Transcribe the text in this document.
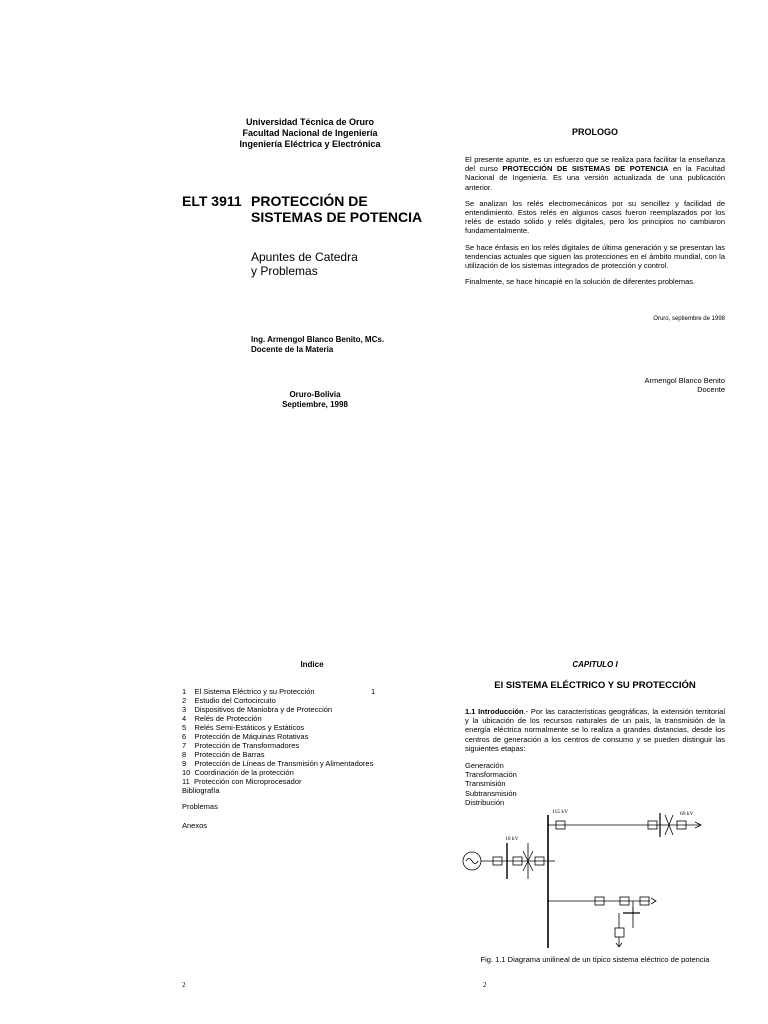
Universidad Técnica de Oruro
Facultad Nacional de Ingeniería
Ingeniería Eléctrica y Electrónica
ELT 3911 PROTECCIÓN DE
SISTEMAS DE POTENCIA
Apuntes de Catedra
y Problemas
Ing. Armengol Blanco Benito, MCs.
Docente de la Materia
Oruro-Bolivia
Septiembre, 1998
PROLOGO

El presente apunte, es un esfuerzo que se realiza para facilitar la enseñanza del curso PROTECCIÓN DE SISTEMAS DE POTENCIA en la Facultad Nacional de Ingeniería. Es una versión actualizada de una publicación anterior.

Se analizan los relés electromecánicos por su sencillez y facilidad de entendimiento. Estos relés en algunos casos fueron reemplazados por los relés de estado sólido y relés digitales, pero los principios no cambiaron fundamentalmente.

Se hace énfasis en los relés digitales de última generación y se presentan las tendencias actuales que siguen las protecciones en el ámbito mundial, con la utilización de los sistemas integrados de protección y control.

Finalmente, se hace hincapié en la solución de diferentes problemas.

Oruro, septiembre de 1998
Armengol Blanco Benito
Docente
Indice
1    El Sistema Eléctrico y su Protección	1
2    Estudio del Cortocircuito
3    Dispositivos de Maniobra y de Protección
4    Relés de Protección
5    Relés Semi-Estáticos y Estáticos
6    Protección de Máquinas Rotativas
7    Protección de Transformadores
8    Protección de Barras
9    Protección de Líneas de Transmisión y Alimentadores
10  Coordinación de la protección
11  Protección con Microprocesador
Bibliografía
Problemas
Anexos
CAPITULO I
El SISTEMA ELÉCTRICO Y SU PROTECCIÓN
1.1 Introducción.- Por las características geográficas, la extensión territorial y la ubicación de los recursos naturales de un país, la transmisión de la energía eléctrica normalmente se lo realiza a grandes distancias, desde los centros de generación a los centros de consumo y se pueden distinguir las siguientes etapas:
Generación
Transformación
Transmisión
Subtransmisión
Distribución
115 kV	69 kV
10 kV
Fig. 1.1 Diagrama unilineal de un típico sistema eléctrico de potencia
2	2
